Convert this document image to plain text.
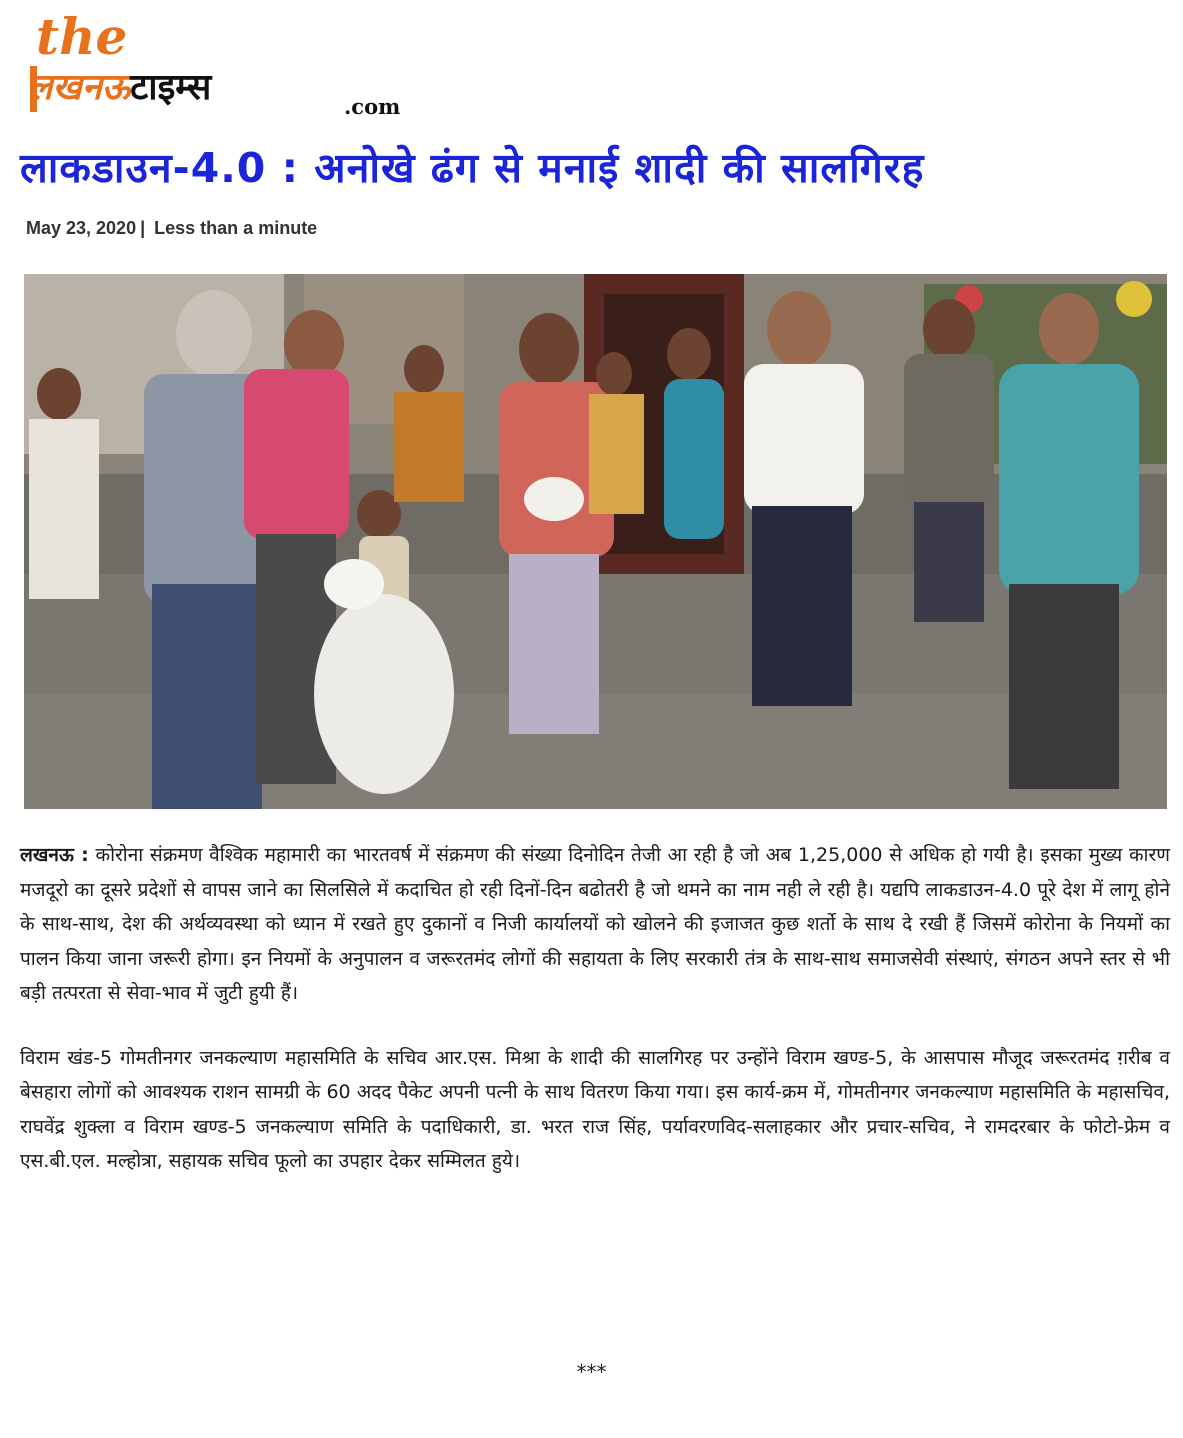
the
लखनऊटाइम्स	.com
लाकडाउन-4.0 : अनोखे ढंग से मनाई शादी की सालगिरह
May 23, 2020 | Less than a minute

लखनऊ : कोरोना संक्रमण वैश्विक महामारी का भारतवर्ष में संक्रमण की संख्या दिनोदिन तेजी आ रही है जो अब 1,25,000 से अधिक हो गयी है। इसका मुख्य कारण मजदूरो का दूसरे प्रदेशों से वापस जाने का सिलसिले में कदाचित हो रही दिनों-दिन बढोतरी है जो थमने का नाम नही ले रही है। यद्यपि लाकडाउन-4.0 पूरे देश में लागू होने के साथ-साथ, देश की अर्थव्यवस्था को ध्यान में रखते हुए दुकानों व निजी कार्यालयों को खोलने की इजाजत कुछ शर्तो के साथ दे रखी हैं जिसमें कोरोना के नियमों का पालन किया जाना जरूरी होगा। इन नियमों के अनुपालन व जरूरतमंद लोगों की सहायता के लिए सरकारी तंत्र के साथ-साथ समाजसेवी संस्थाएं, संगठन अपने स्तर से भी बड़ी तत्परता से सेवा-भाव में जुटी हुयी हैं।

विराम खंड-5 गोमतीनगर जनकल्याण महासमिति के सचिव आर.एस. मिश्रा के शादी की सालगिरह पर उन्होंने विराम खण्ड-5, के आसपास मौजूद जरूरतमंद ग़रीब व बेसहारा लोगों को आवश्यक राशन सामग्री के 60 अदद पैकेट अपनी पत्नी के साथ वितरण किया गया। इस कार्य-क्रम में, गोमतीनगर जनकल्याण महासमिति के महासचिव, राघवेंद्र शुक्ला व विराम खण्ड-5 जनकल्याण समिति के पदाधिकारी, डा. भरत राज सिंह, पर्यावरणविद-सलाहकार और प्रचार-सचिव, ने रामदरबार के फोटो-फ्रेम व एस.बी.एल. मल्होत्रा, सहायक सचिव फूलो का उपहार देकर सम्मिलत हुये।

***
